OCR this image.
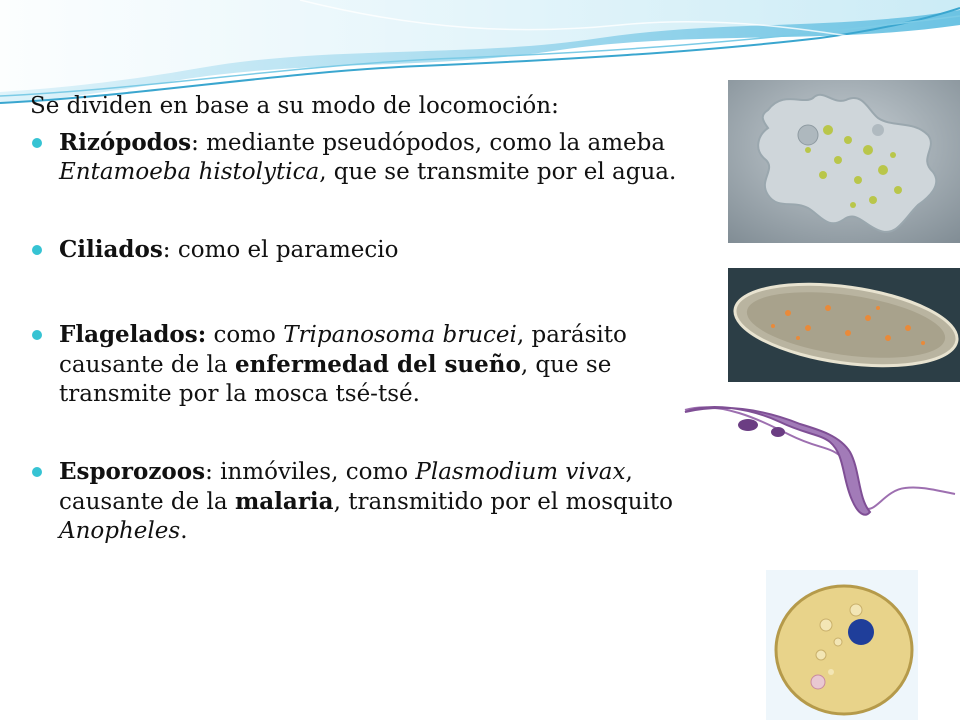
Se dividen en base a su modo de locomoción:

Rizópodos: mediante pseudópodos, como la ameba Entamoeba histolytica, que se transmite por el agua.
Ciliados: como el paramecio
Flagelados: como Tripanosoma brucei, parásito causante de la enfermedad del sueño, que se transmite por la mosca tsé-tsé.
Esporozoos: inmóviles, como Plasmodium vivax, causante de la malaria, transmitido por el mosquito Anopheles.
